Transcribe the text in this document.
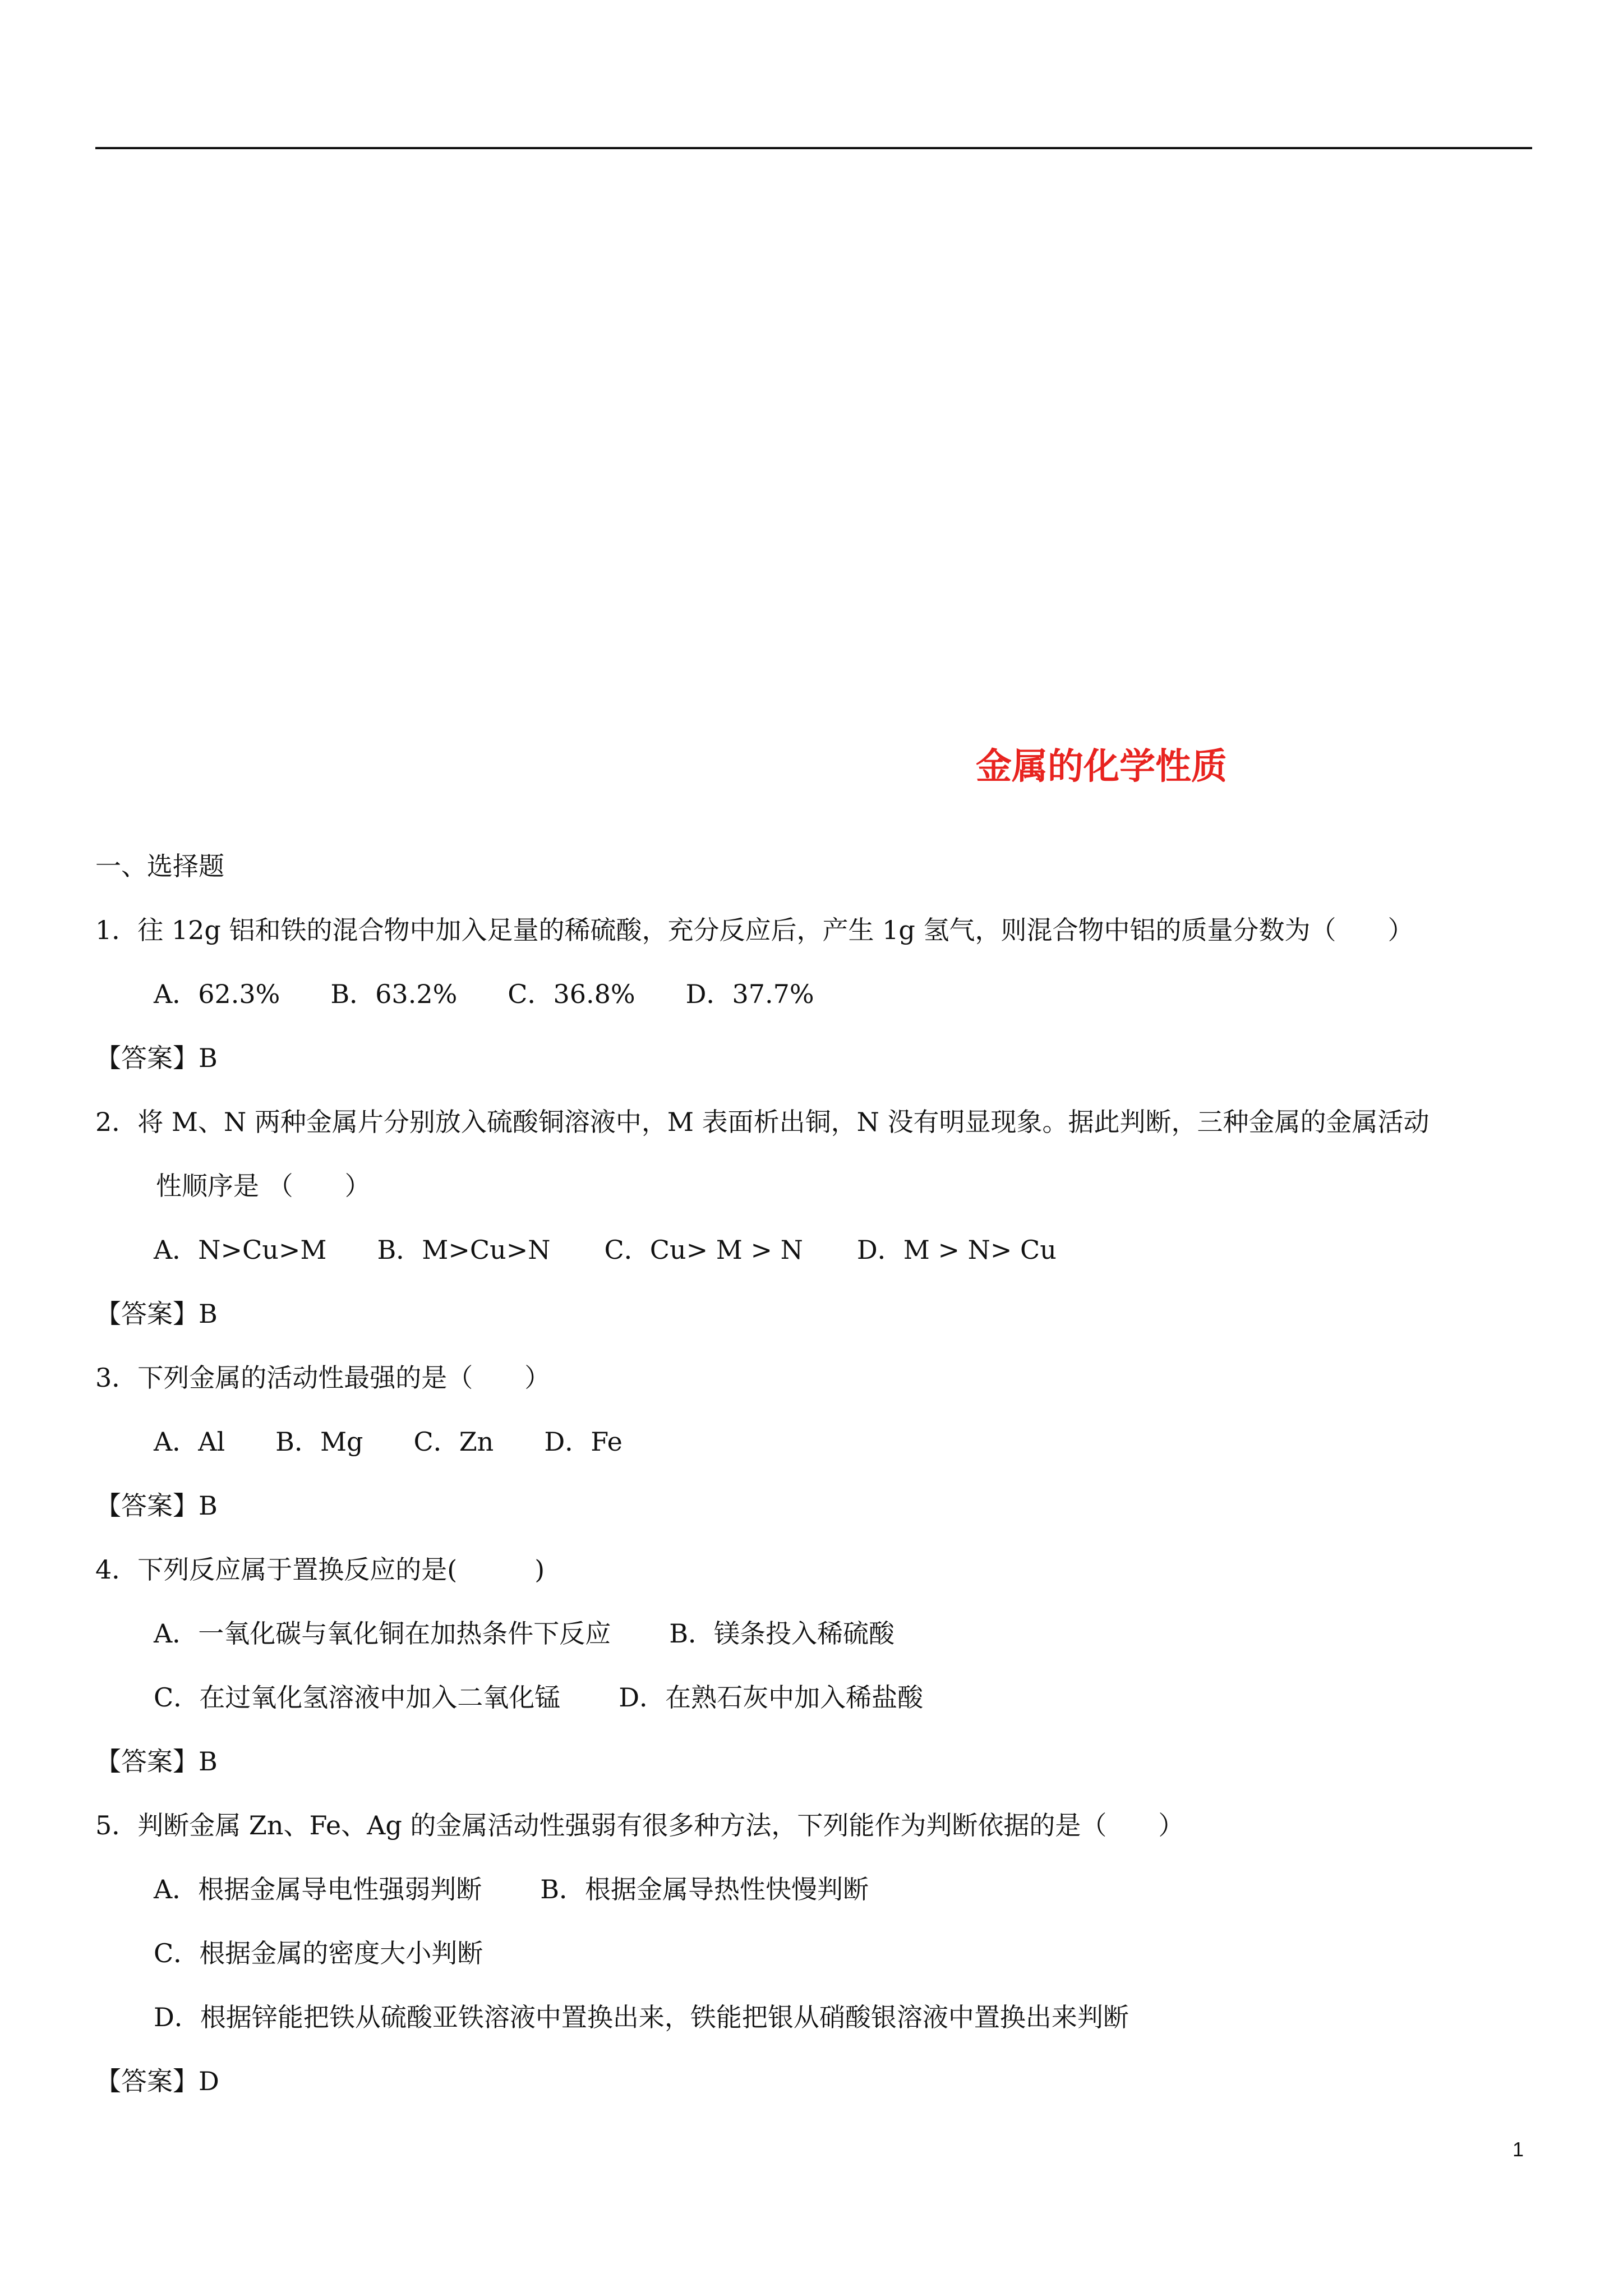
金属的化学性质
一、选择题
1．往 12g 铝和铁的混合物中加入足量的稀硫酸，充分反应后，产生 1g 氢气，则混合物中铝的质量分数为（　　）
A．62.3% B．63.2% C．36.8% D．37.7%
【答案】B
2．将 M、N 两种金属片分别放入硫酸铜溶液中，M 表面析出铜，N 没有明显现象。据此判断，三种金属的金属活动
性顺序是 （　　）
A．N>Cu>M B．M>Cu>N C．Cu> M > N D．M > N> Cu
【答案】B
3．下列金属的活动性最强的是（　　）
A．Al B．Mg C．Zn D．Fe
【答案】B
4．下列反应属于置换反应的是(　　　)
A．一氧化碳与氧化铜在加热条件下反应 B．镁条投入稀硫酸
C．在过氧化氢溶液中加入二氧化锰 D．在熟石灰中加入稀盐酸
【答案】B
5．判断金属 Zn、Fe、Ag 的金属活动性强弱有很多种方法，下列能作为判断依据的是（　　）
A．根据金属导电性强弱判断 B．根据金属导热性快慢判断
C．根据金属的密度大小判断
D．根据锌能把铁从硫酸亚铁溶液中置换出来，铁能把银从硝酸银溶液中置换出来判断
【答案】D
1
